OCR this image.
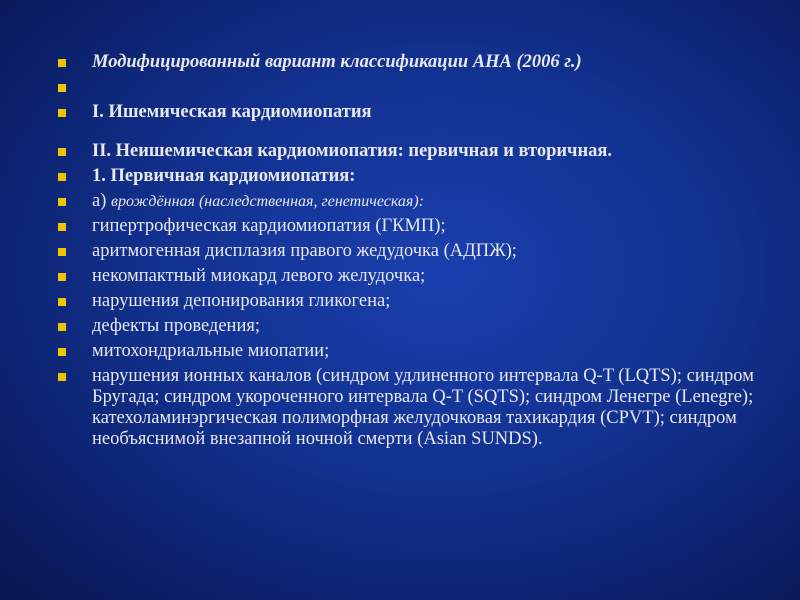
Модифицированный вариант классификации АНА (2006 г.)
I. Ишемическая кардиомиопатия
II. Неишемическая кардиомиопатия: первичная и вторичная.
1. Первичная кардиомиопатия:
а) врождённая (наследственная, генетическая):
гипертрофическая кардиомиопатия (ГКМП);
аритмогенная дисплазия правого жедудочка (АДПЖ);
некомпактный миокард левого желудочка;
нарушения депонирования гликогена;
дефекты проведения;
митохондриальные миопатии;
нарушения ионных каналов (синдром удлиненного интервала Q-T (LQTS); синдром Бругада; синдром укороченного интервала Q-T (SQTS); синдром Ленегре (Lenegre); катехоламинэргическая полиморфная желудочковая тахикардия (CPVT); синдром необъяснимой внезапной ночной смерти (Asian SUNDS).
